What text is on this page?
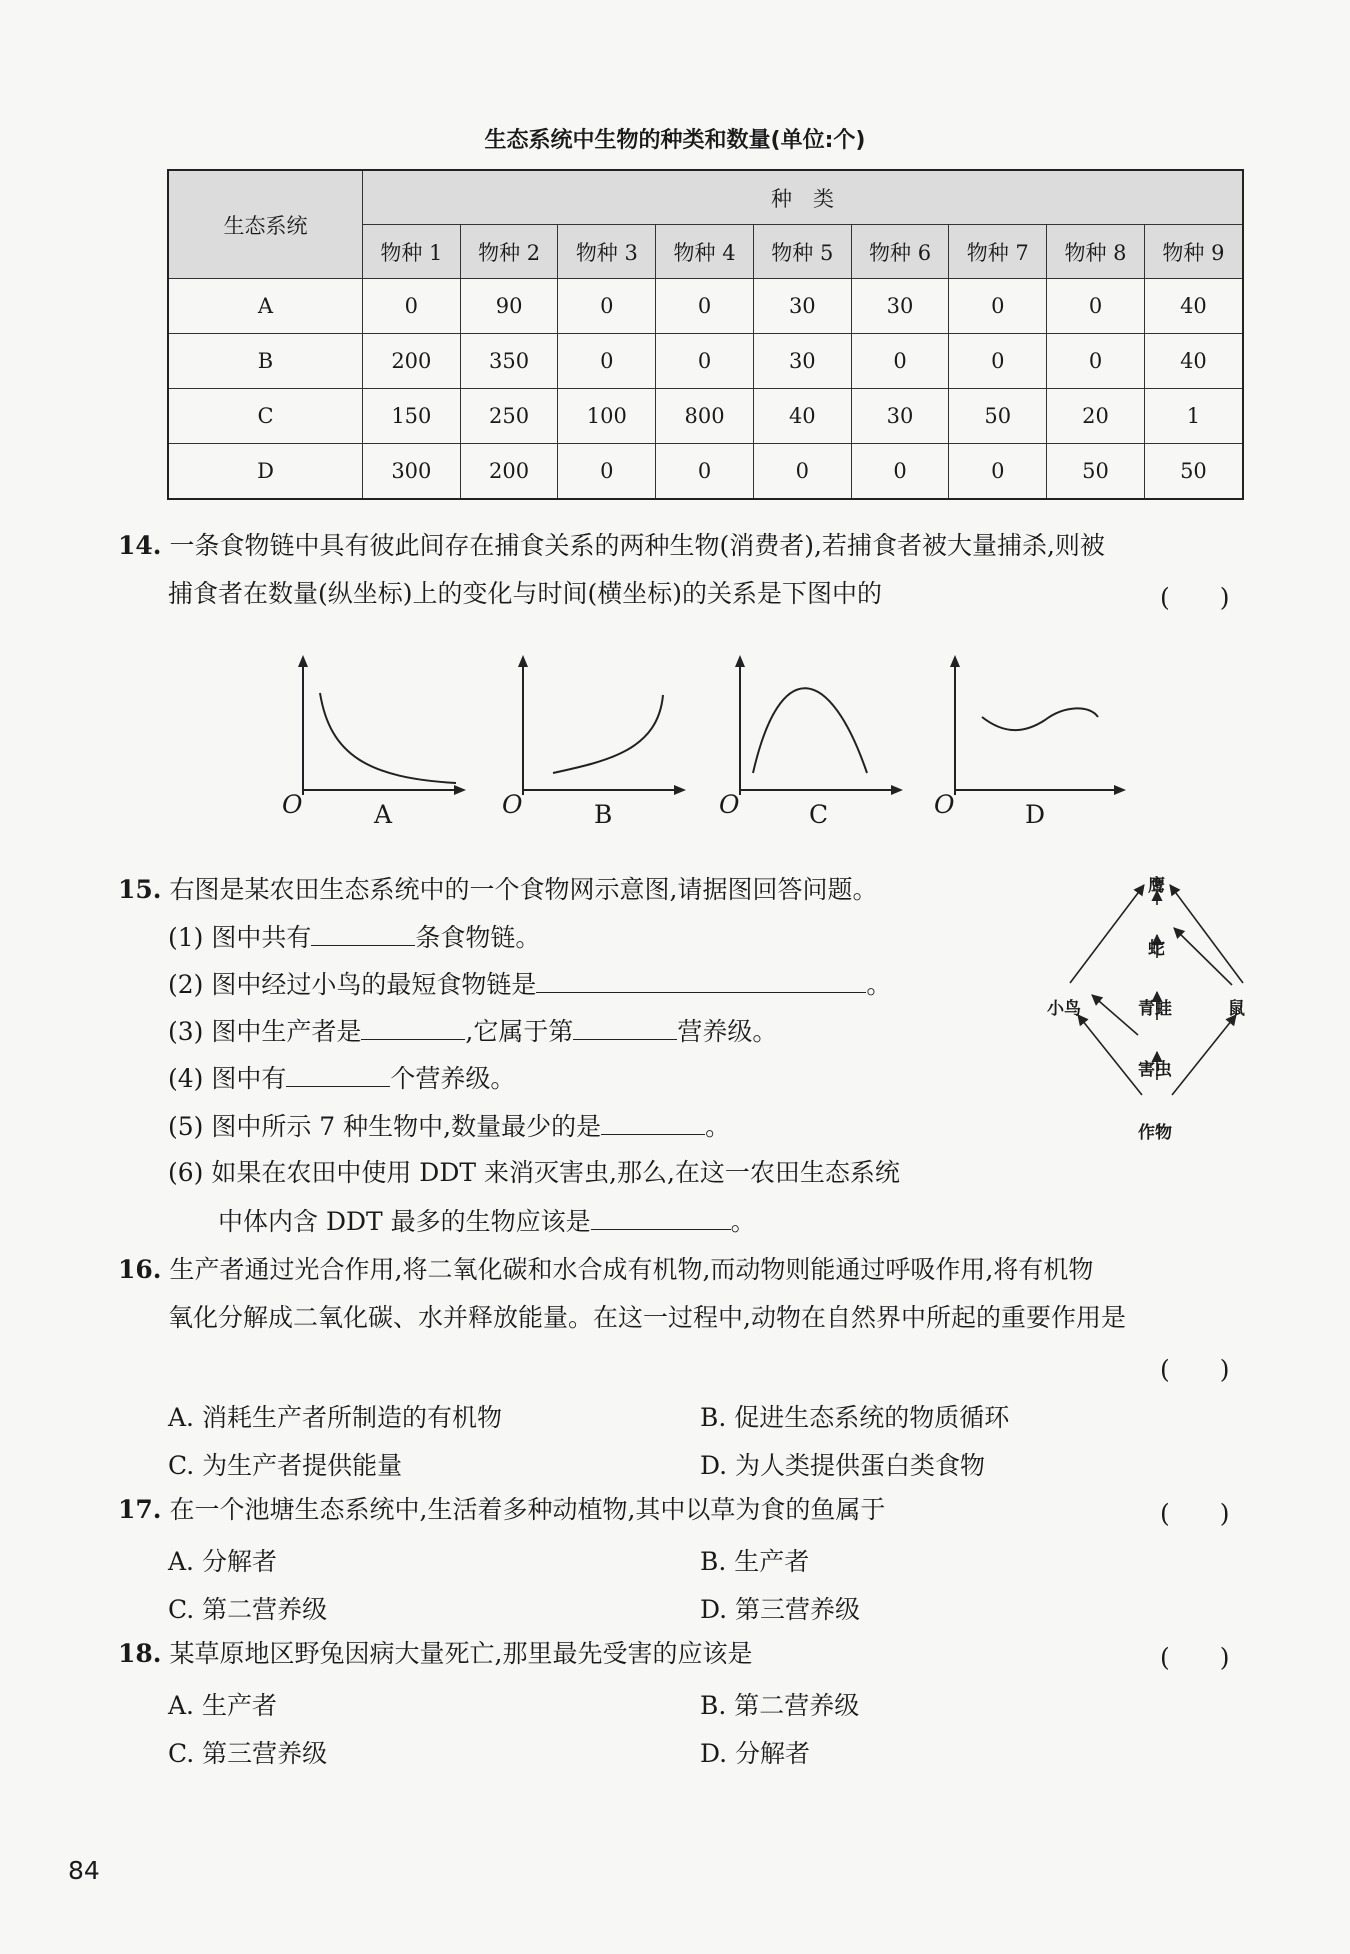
生态系统中生物的种类和数量(单位:个)
生态系统	种　类								
	物种 1	物种 2	物种 3	物种 4	物种 5	物种 6	物种 7	物种 8	物种 9
A	0	90	0	0	30	30	0	0	40
B	200	350	0	0	30	0	0	0	40
C	150	250	100	800	40	30	50	20	1
D	300	200	0	0	0	0	0	50	50
14. 一条食物链中具有彼此间存在捕食关系的两种生物(消费者),若捕食者被大量捕杀,则被
捕食者在数量(纵坐标)上的变化与时间(横坐标)的关系是下图中的	(　　)
O	A	O	B	O	C	O	D
15. 右图是某农田生态系统中的一个食物网示意图,请据图回答问题。
(1) 图中共有	条食物链。
(2) 图中经过小鸟的最短食物链是	。
(3) 图中生产者是	,它属于第	营养级。
(4) 图中有	个营养级。
(5) 图中所示 7 种生物中,数量最少的是	。
(6) 如果在农田中使用 DDT 来消灭害虫,那么,在这一农田生态系统
中体内含 DDT 最多的生物应该是	。
鹰
蛇
小鸟	青蛙	鼠
害虫
作物
16. 生产者通过光合作用,将二氧化碳和水合成有机物,而动物则能通过呼吸作用,将有机物
氧化分解成二氧化碳、水并释放能量。在这一过程中,动物在自然界中所起的重要作用是
(　　)
A. 消耗生产者所制造的有机物	B. 促进生态系统的物质循环
C. 为生产者提供能量	D. 为人类提供蛋白类食物
17. 在一个池塘生态系统中,生活着多种动植物,其中以草为食的鱼属于	(　　)
A. 分解者	B. 生产者
C. 第二营养级	D. 第三营养级
18. 某草原地区野兔因病大量死亡,那里最先受害的应该是	(　　)
A. 生产者	B. 第二营养级
C. 第三营养级	D. 分解者
84
